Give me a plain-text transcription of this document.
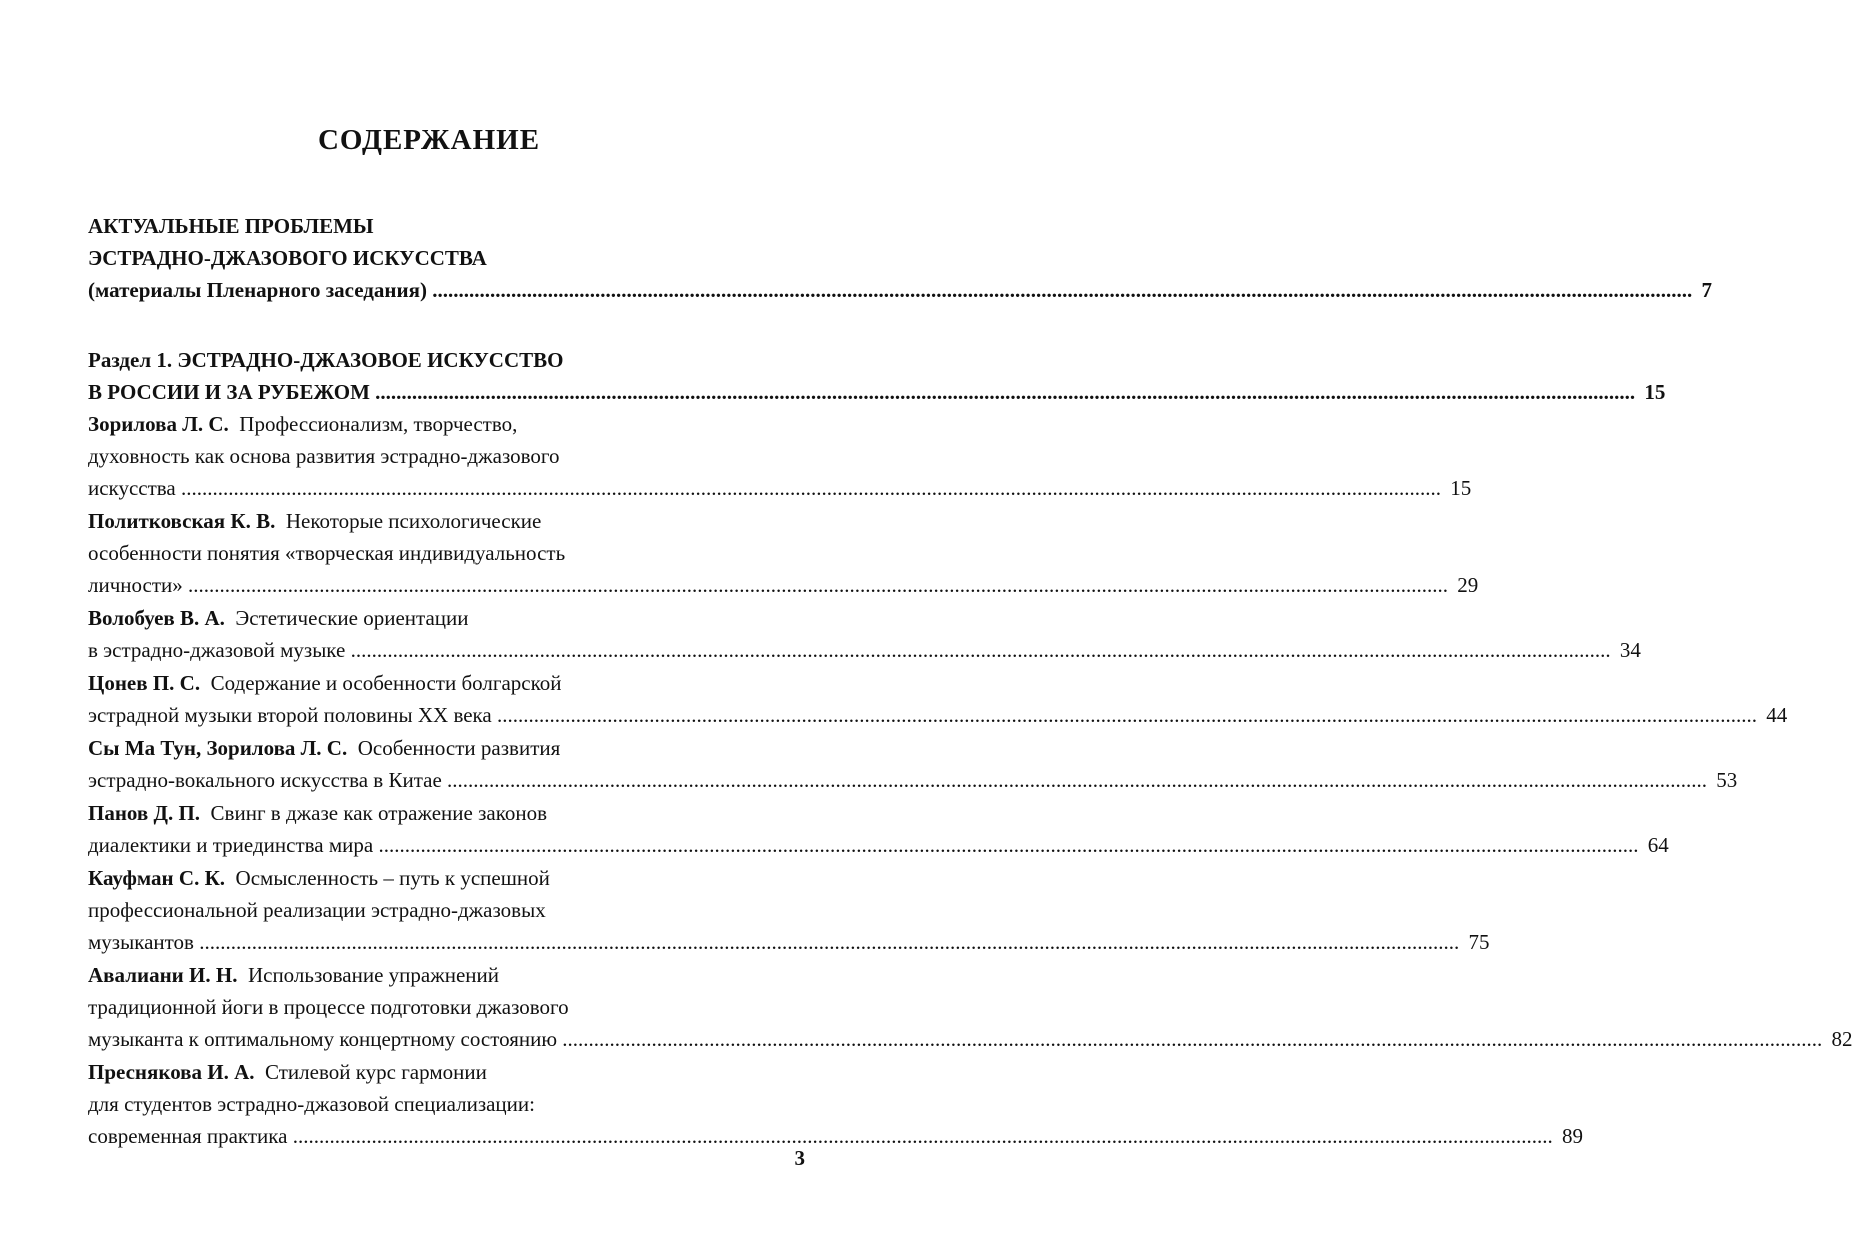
СОДЕРЖАНИЕ
АКТУАЛЬНЫЕ ПРОБЛЕМЫ
ЭСТРАДНО-ДЖАЗОВОГО ИСКУССТВА
(материалы Пленарного заседания) .....	7
Раздел 1. ЭСТРАДНО-ДЖАЗОВОЕ ИСКУССТВО
В РОССИИ И ЗА РУБЕЖОМ .....	15
Зорилова Л. С. Профессионализм, творчество,
духовность как основа развития эстрадно-джазового
искусства .....	15
Политковская К. В. Некоторые психологические
особенности понятия «творческая индивидуальность
личности» .....	29
Волобуев В. А. Эстетические ориентации
в эстрадно-джазовой музыке .....	34
Цонев П. С. Содержание и особенности болгарской
эстрадной музыки второй половины XX века .....	44
Сы Ма Тун, Зорилова Л. С. Особенности развития
эстрадно-вокального искусства в Китае .....	53
Панов Д. П. Свинг в джазе как отражение законов
диалектики и триединства мира .....	64
Кауфман С. К. Осмысленность – путь к успешной
профессиональной реализации эстрадно-джазовых
музыкантов .....	75
Авалиани И. Н. Использование упражнений
традиционной йоги в процессе подготовки джазового
музыканта к оптимальному концертному состоянию .....	82
Преснякова И. А. Стилевой курс гармонии
для студентов эстрадно-джазовой специализации:
современная практика .....	89
3
